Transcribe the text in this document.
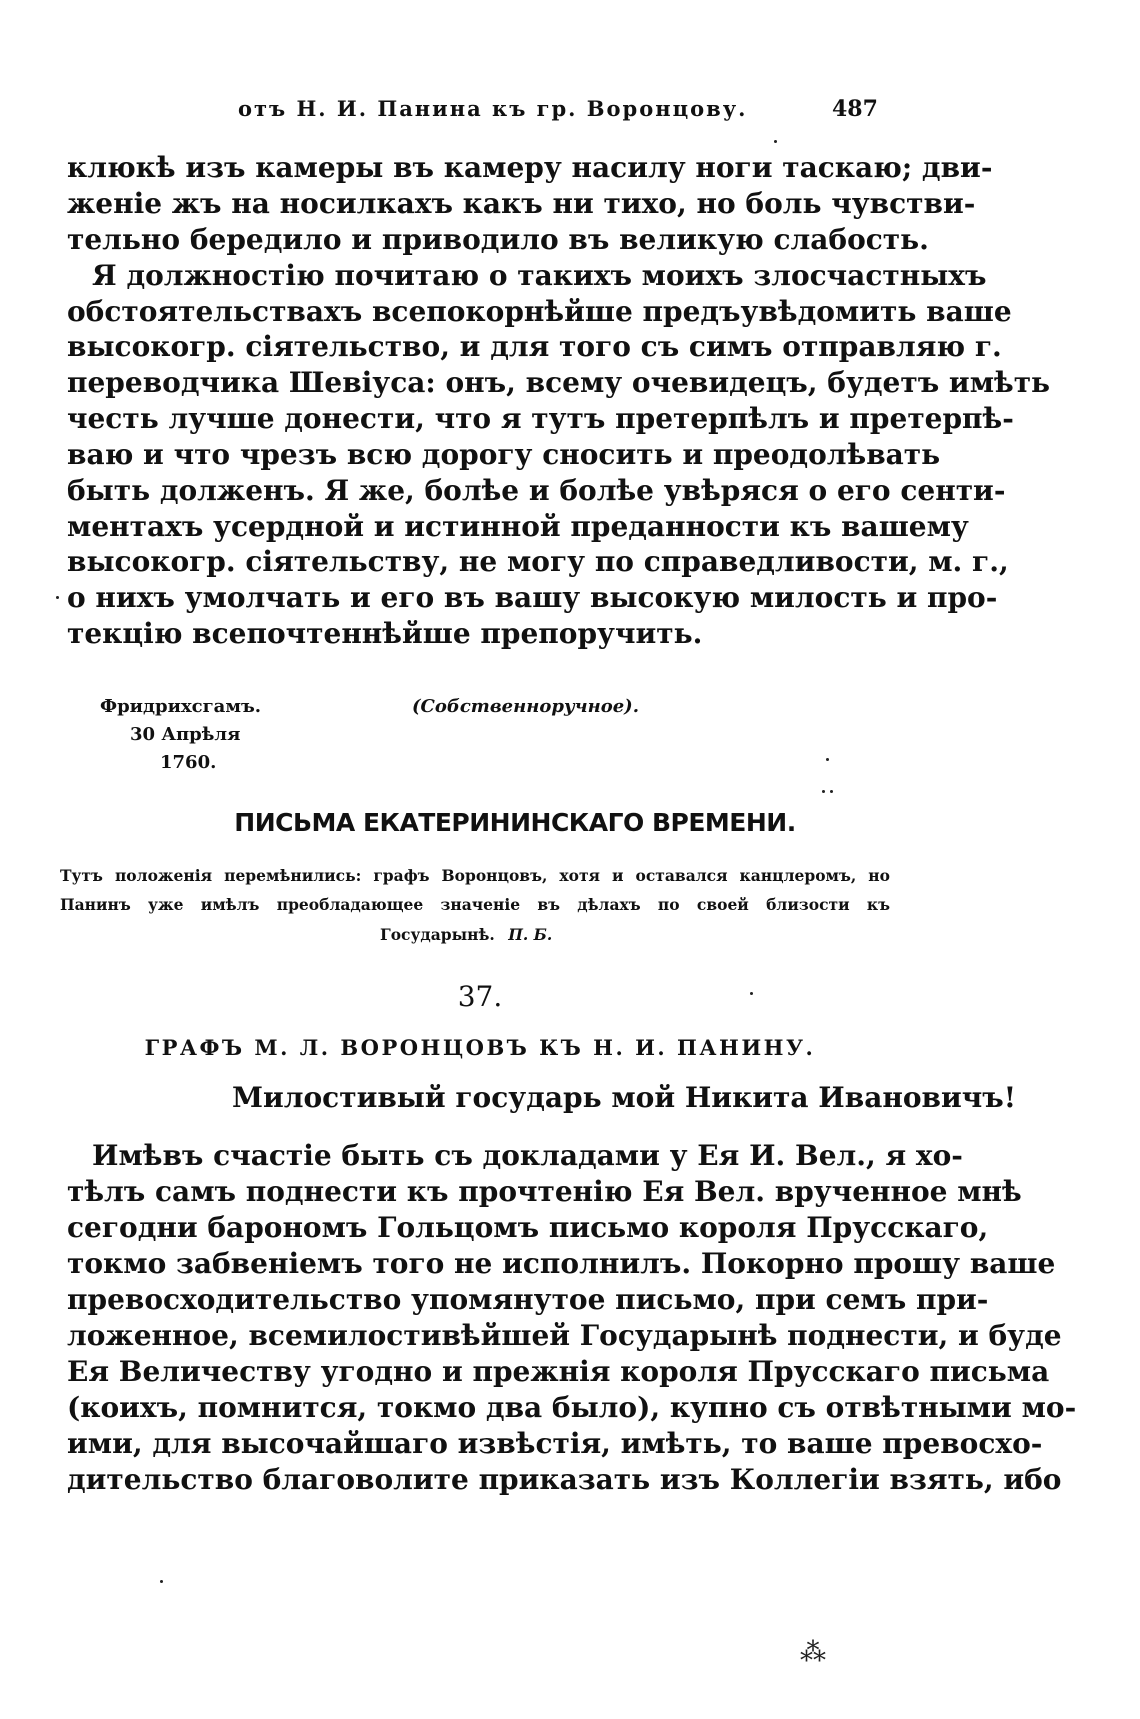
отъ Н. И. Панина къ гр. Воронцову.	487
клюкѣ изъ камеры въ камеру насилу ноги таскаю; дви-
женіе жъ на носилкахъ какъ ни тихо, но боль чувстви-
тельно бередило и приводило въ великую слабость.
Я должностію почитаю о такихъ моихъ злосчастныхъ
обстоятельствахъ всепокорнѣйше предъувѣдомить ваше
высокогр. сіятельство, и для того съ симъ отправляю г.
переводчика Шевіуса: онъ, всему очевидецъ, будетъ имѣть
честь лучше донести, что я тутъ претерпѣлъ и претерпѣ-
ваю и что чрезъ всю дорогу сносить и преодолѣвать
быть долженъ. Я же, болѣе и болѣе увѣряся о его сенти-
ментахъ усердной и истинной преданности къ вашему
высокогр. сіятельству, не могу по справедливости, м. г.,
о нихъ умолчать и его въ вашу высокую милость и про-
текцію всепочтеннѣйше препоручить.
Фридрихсгамъ.
30 Апрѣля
1760.
(Собственноручное).
ПИСЬМА ЕКАТЕРИНИНСКАГО ВРЕМЕНИ.
Тутъ положенія перемѣнились: графъ Воронцовъ, хотя и оставался канцлеромъ, но
Панинъ уже имѣлъ преобладающее значеніе въ дѣлахъ по своей близости къ
Государынѣ. П. Б.
37.
ГРАФЪ М. Л. ВОРОНЦОВЪ КЪ Н. И. ПАНИНУ.
Милостивый государь мой Никита Ивановичъ!
Имѣвъ счастіе быть съ докладами у Ея И. Вел., я хо-
тѣлъ самъ поднести къ прочтенію Ея Вел. врученное мнѣ
сегодни барономъ Гольцомъ письмо короля Прусскаго,
токмо забвеніемъ того не исполнилъ. Покорно прошу ваше
превосходительство упомянутое письмо, при семъ при-
ложенное, всемилостивѣйшей Государынѣ поднести, и буде
Ея Величеству угодно и прежнія короля Прусскаго письма
(коихъ, помнится, токмо два было), купно съ отвѣтными мо-
ими, для высочайшаго извѣстія, имѣть, то ваше превосхо-
дительство благоволите приказать изъ Коллегіи взять, ибо
⁂
